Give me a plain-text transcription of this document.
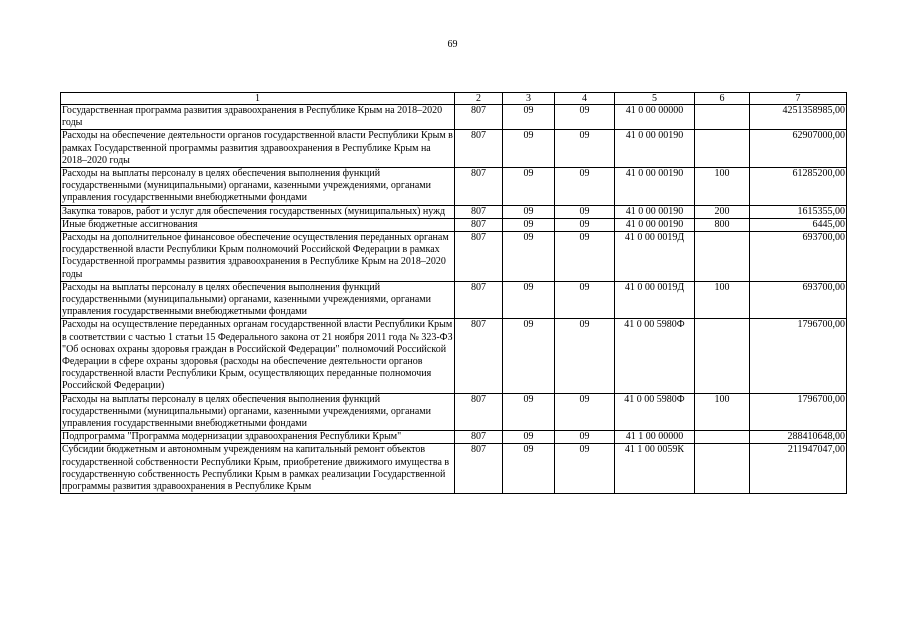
69
1	2	3	4	5	6	7
Государственная программа развития здравоохранения в Республике Крым на 2018–2020 годы	807	09	09	41 0 00 00000		4251358985,00
Расходы на обеспечение деятельности органов государственной власти Республики Крым в рамках Государственной программы развития здравоохранения в Республике Крым на 2018–2020 годы	807	09	09	41 0 00 00190		62907000,00
Расходы на выплаты персоналу в целях обеспечения выполнения функций государственными (муниципальными) органами, казенными учреждениями, органами управления государственными внебюджетными фондами	807	09	09	41 0 00 00190	100	61285200,00
Закупка товаров, работ и услуг для обеспечения государственных (муниципальных) нужд	807	09	09	41 0 00 00190	200	1615355,00
Иные бюджетные ассигнования	807	09	09	41 0 00 00190	800	6445,00
Расходы на дополнительное финансовое обеспечение осуществления переданных органам государственной власти Республики Крым полномочий Российской Федерации в рамках Государственной программы развития здравоохранения в Республике Крым на 2018–2020 годы	807	09	09	41 0 00 0019Д		693700,00
Расходы на выплаты персоналу в целях обеспечения выполнения функций государственными (муниципальными) органами, казенными учреждениями, органами управления государственными внебюджетными фондами	807	09	09	41 0 00 0019Д	100	693700,00
Расходы на осуществление переданных органам государственной власти Республики Крым в соответствии с частью 1 статьи 15 Федерального закона от 21 ноября 2011 года № 323-ФЗ "Об основах охраны здоровья граждан в Российской Федерации" полномочий Российской Федерации в сфере охраны здоровья (расходы на обеспечение деятельности органов государственной власти Республики Крым, осуществляющих переданные полномочия Российской Федерации)	807	09	09	41 0 00 5980Ф		1796700,00
Расходы на выплаты персоналу в целях обеспечения выполнения функций государственными (муниципальными) органами, казенными учреждениями, органами управления государственными внебюджетными фондами	807	09	09	41 0 00 5980Ф	100	1796700,00
Подпрограмма "Программа модернизации здравоохранения Республики Крым"	807	09	09	41 1 00 00000		288410648,00
Субсидии бюджетным и автономным учреждениям на капитальный ремонт объектов государственной собственности Республики Крым, приобретение движимого имущества в государственную собственность Республики Крым в рамках реализации Государственной программы развития здравоохранения в Республике Крым	807	09	09	41 1 00 0059К		211947047,00
